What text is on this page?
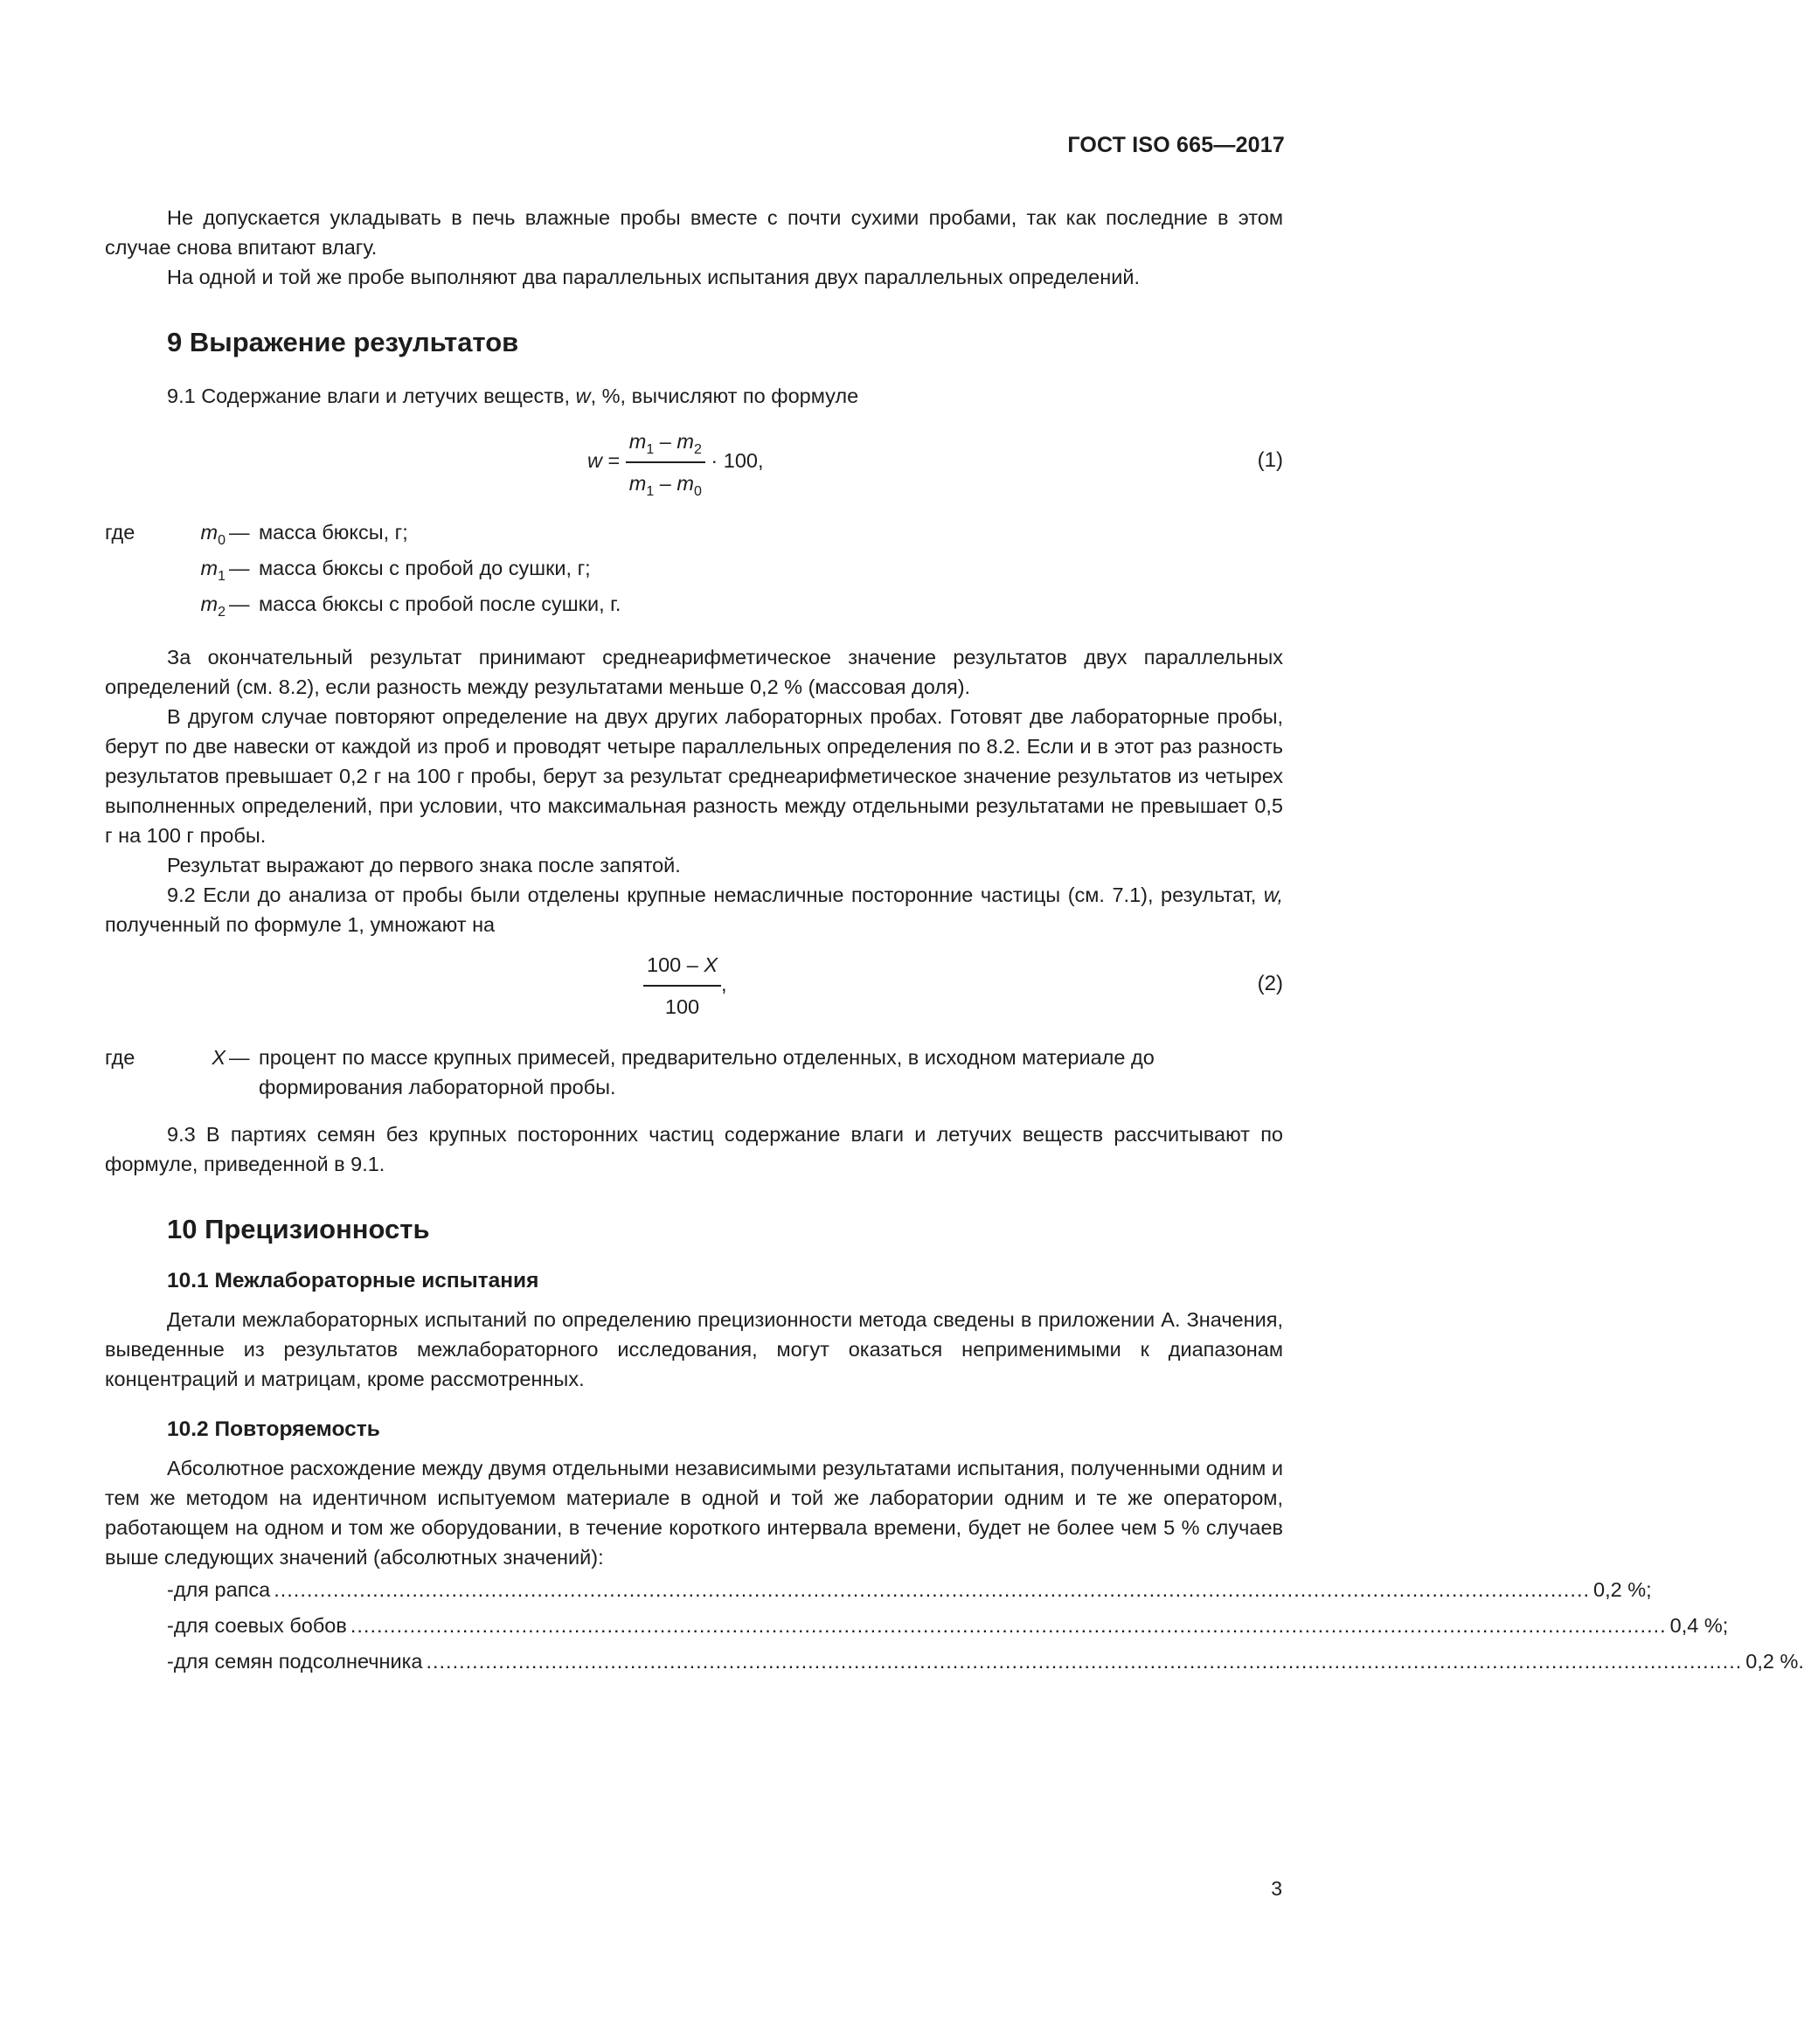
ГОСТ ISO 665—2017

Не допускается укладывать в печь влажные пробы вместе с почти сухими пробами, так как последние в этом случае снова впитают влагу.

На одной и той же пробе выполняют два параллельных испытания двух параллельных определений.

9 Выражение результатов

9.1 Содержание влаги и летучих веществ, w, %, вычисляют по формуле

$w = \frac{m_1 - m_2}{m_1 - m_0} \cdot 100$,	(1)
где	$m_0$	—	масса бюксы, г;
	$m_1$	—	масса бюксы с пробой до сушки, г;
	$m_2$	—	масса бюксы с пробой после сушки, г.

За окончательный результат принимают среднеарифметическое значение результатов двух параллельных определений (см. 8.2), если разность между результатами меньше 0,2 % (массовая доля).

В другом случае повторяют определение на двух других лабораторных пробах. Готовят две лабораторные пробы, берут по две навески от каждой из проб и проводят четыре параллельных определения по 8.2. Если и в этот раз разность результатов превышает 0,2 г на 100 г пробы, берут за результат среднеарифметическое значение результатов из четырех выполненных определений, при условии, что максимальная разность между отдельными результатами не превышает 0,5 г на 100 г пробы.

Результат выражают до первого знака после запятой.

9.2 Если до анализа от пробы были отделены крупные немасличные посторонние частицы (см. 7.1), результат, w, полученный по формуле 1, умножают на

$\frac{100 - X}{100}$ ,	(2)
где	X	—	процент по массе крупных примесей, предварительно отделенных, в исходном материале до формирования лабораторной пробы.

9.3 В партиях семян без крупных посторонних частиц содержание влаги и летучих веществ рассчитывают по формуле, приведенной в 9.1.

10 Прецизионность
10.1 Межлабораторные испытания

Детали межлабораторных испытаний по определению прецизионности метода сведены в приложении А. Значения, выведенные из результатов межлабораторного исследования, могут оказаться неприменимыми к диапазонам концентраций и матрицам, кроме рассмотренных.

10.2 Повторяемость

Абсолютное расхождение между двумя отдельными независимыми результатами испытания, полученными одним и тем же методом на идентичном испытуемом материале в одной и той же лаборатории одним и те же оператором, работающем на одном и том же оборудовании, в течение короткого интервала времени, будет не более чем 5 % случаев выше следующих значений (абсолютных значений):

- для рапса ........................................................................................................................................................................................................ 0,2 %;
- для соевых бобов ........................................................................................................................................................................................................ 0,4 %;
- для семян подсолнечника ........................................................................................................................................................................................................ 0,2 %.
3
